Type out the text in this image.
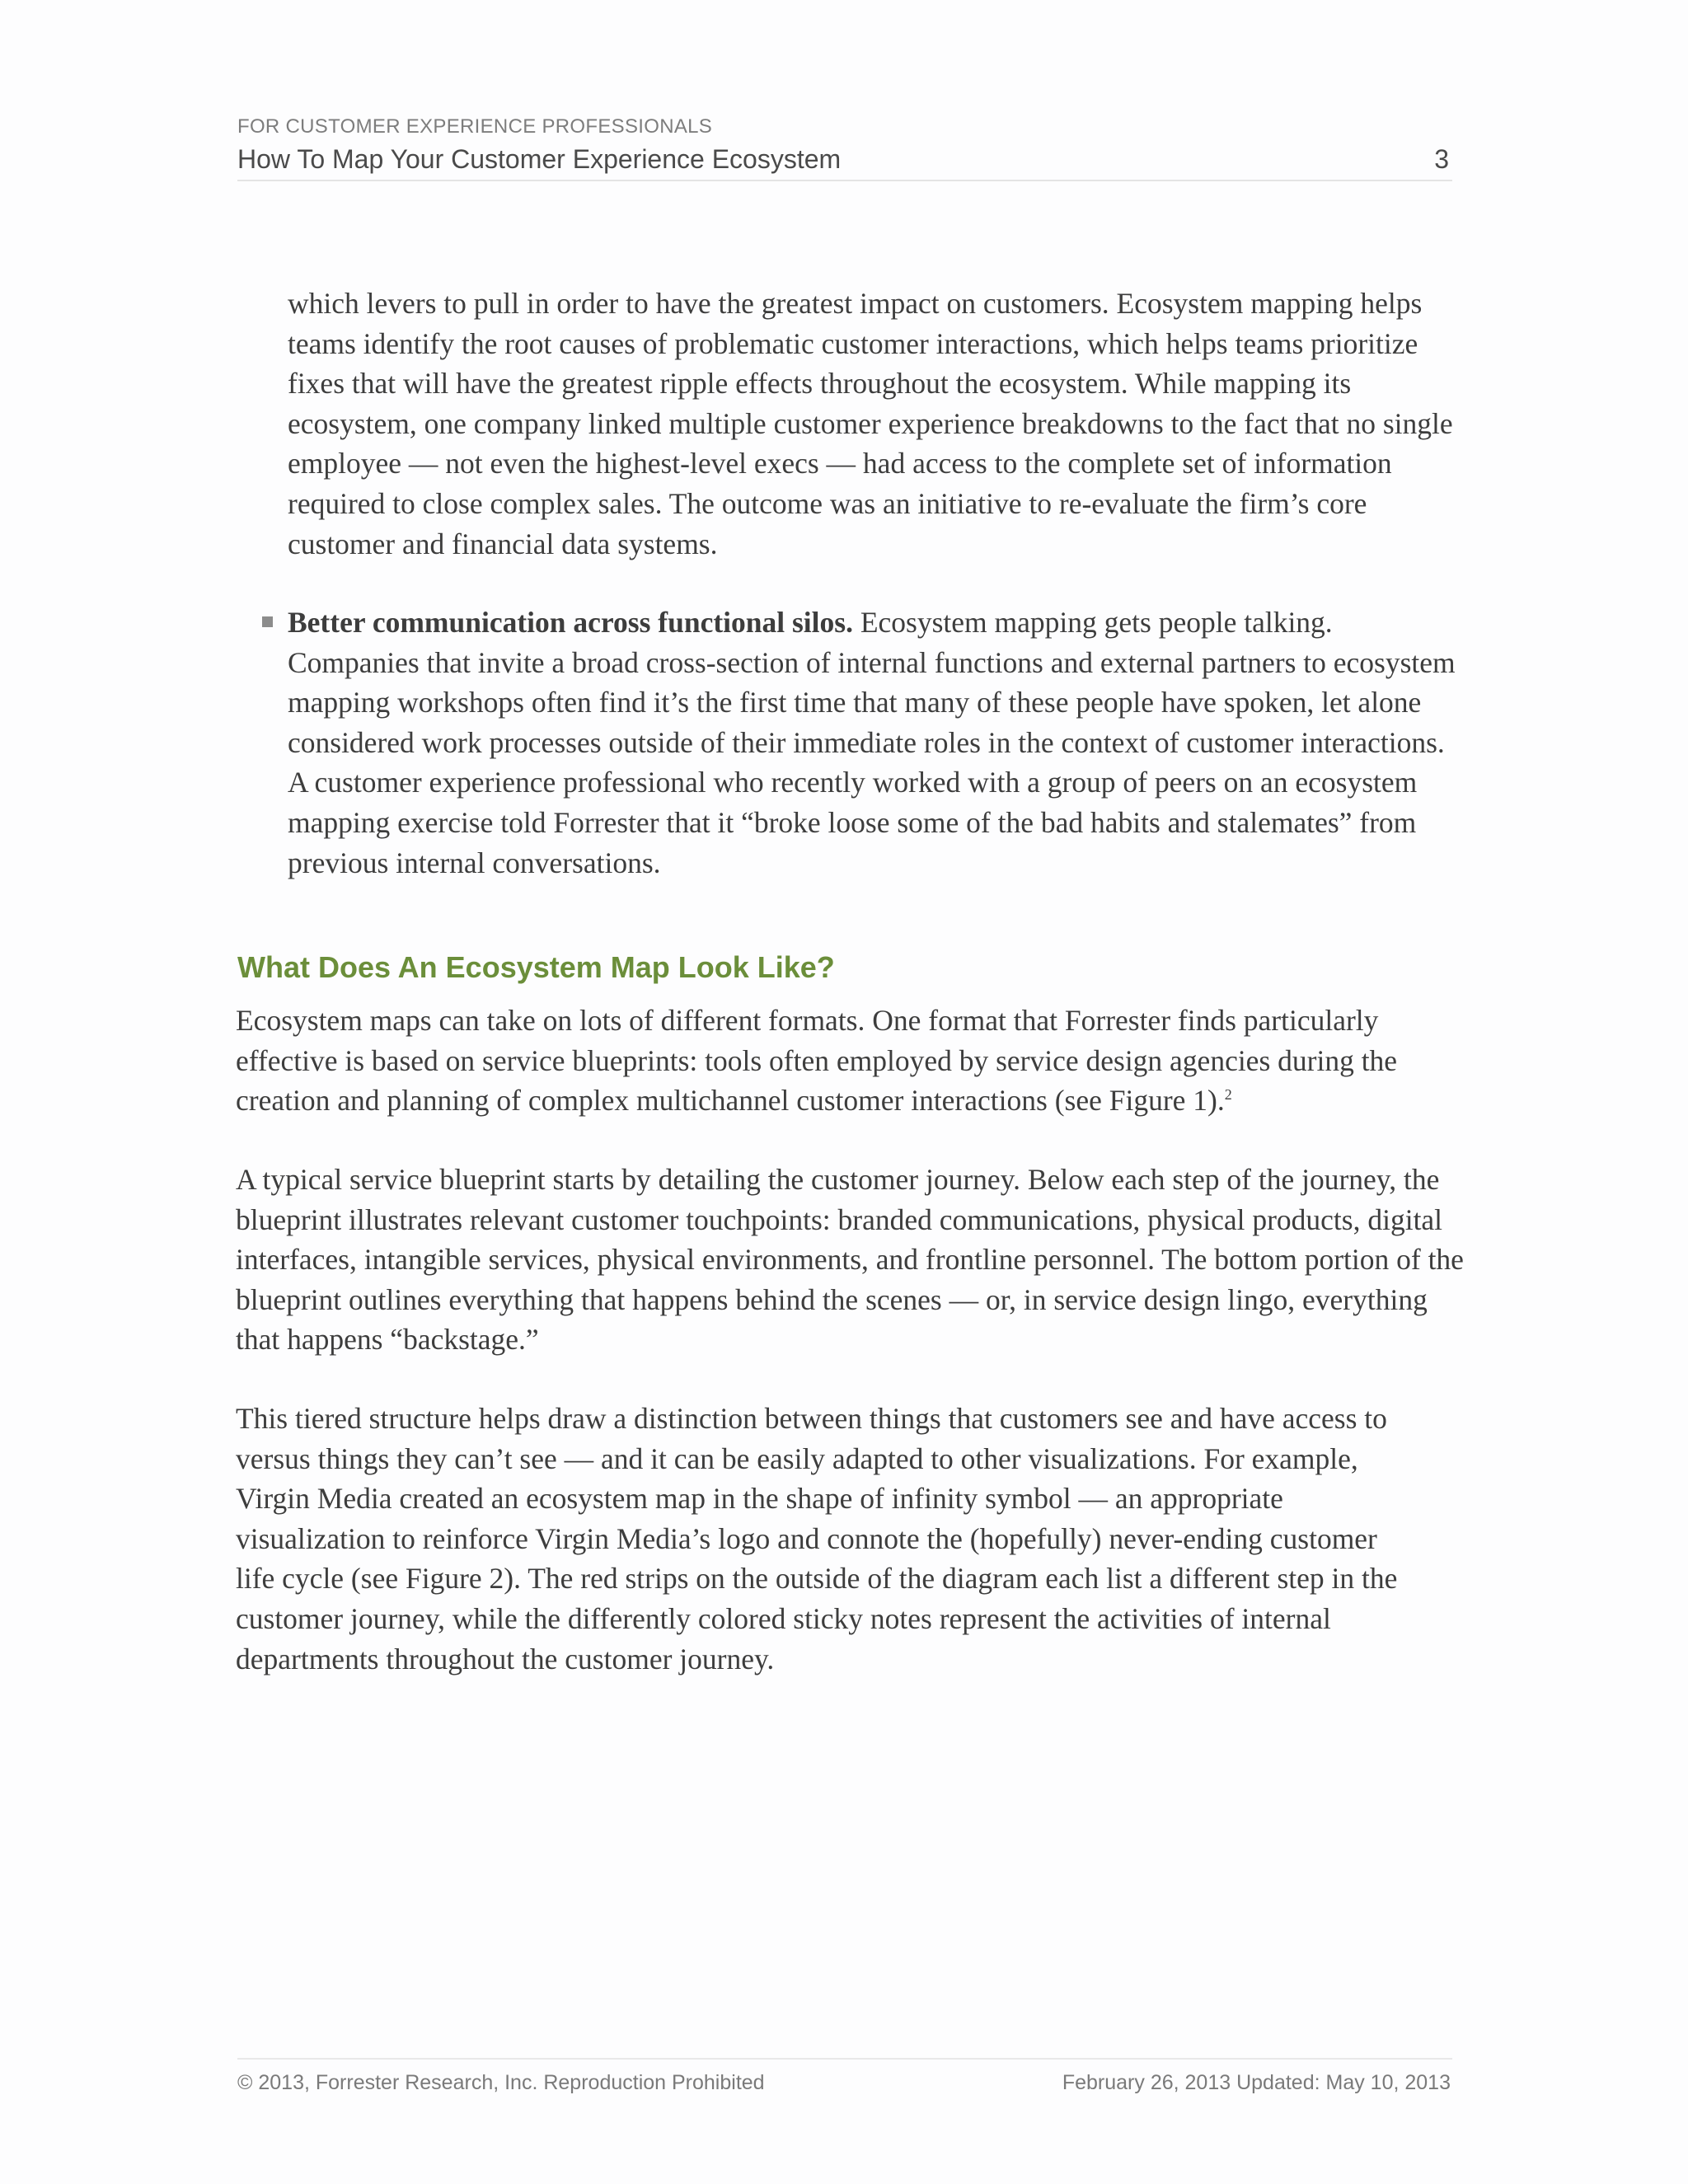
FOR CUSTOMER EXPERIENCE PROFESSIONALS
How To Map Your Customer Experience Ecosystem	3

which levers to pull in order to have the greatest impact on customers. Ecosystem mapping helps teams identify the root causes of problematic customer interactions, which helps teams prioritize fixes that will have the greatest ripple effects throughout the ecosystem. While mapping its ecosystem, one company linked multiple customer experience breakdowns to the fact that no single employee — not even the highest-level execs — had access to the complete set of information required to close complex sales. The outcome was an initiative to re-evaluate the firm’s core customer and financial data systems.

Better communication across functional silos. Ecosystem mapping gets people talking. Companies that invite a broad cross-section of internal functions and external partners to ecosystem mapping workshops often find it’s the first time that many of these people have spoken, let alone considered work processes outside of their immediate roles in the context of customer interactions. A customer experience professional who recently worked with a group of peers on an ecosystem mapping exercise told Forrester that it “broke loose some of the bad habits and stalemates” from previous internal conversations.

What Does An Ecosystem Map Look Like?

Ecosystem maps can take on lots of different formats. One format that Forrester finds particularly effective is based on service blueprints: tools often employed by service design agencies during the creation and planning of complex multichannel customer interactions (see Figure 1).$^2$

A typical service blueprint starts by detailing the customer journey. Below each step of the journey, the blueprint illustrates relevant customer touchpoints: branded communications, physical products, digital interfaces, intangible services, physical environments, and frontline personnel. The bottom portion of the blueprint outlines everything that happens behind the scenes — or, in service design lingo, everything that happens “backstage.”

This tiered structure helps draw a distinction between things that customers see and have access to versus things they can’t see — and it can be easily adapted to other visualizations. For example, Virgin Media created an ecosystem map in the shape of infinity symbol — an appropriate visualization to reinforce Virgin Media’s logo and connote the (hopefully) never-ending customer life cycle (see Figure 2). The red strips on the outside of the diagram each list a different step in the customer journey, while the differently colored sticky notes represent the activities of internal departments throughout the customer journey.

© 2013, Forrester Research, Inc. Reproduction Prohibited	February 26, 2013 Updated: May 10, 2013
